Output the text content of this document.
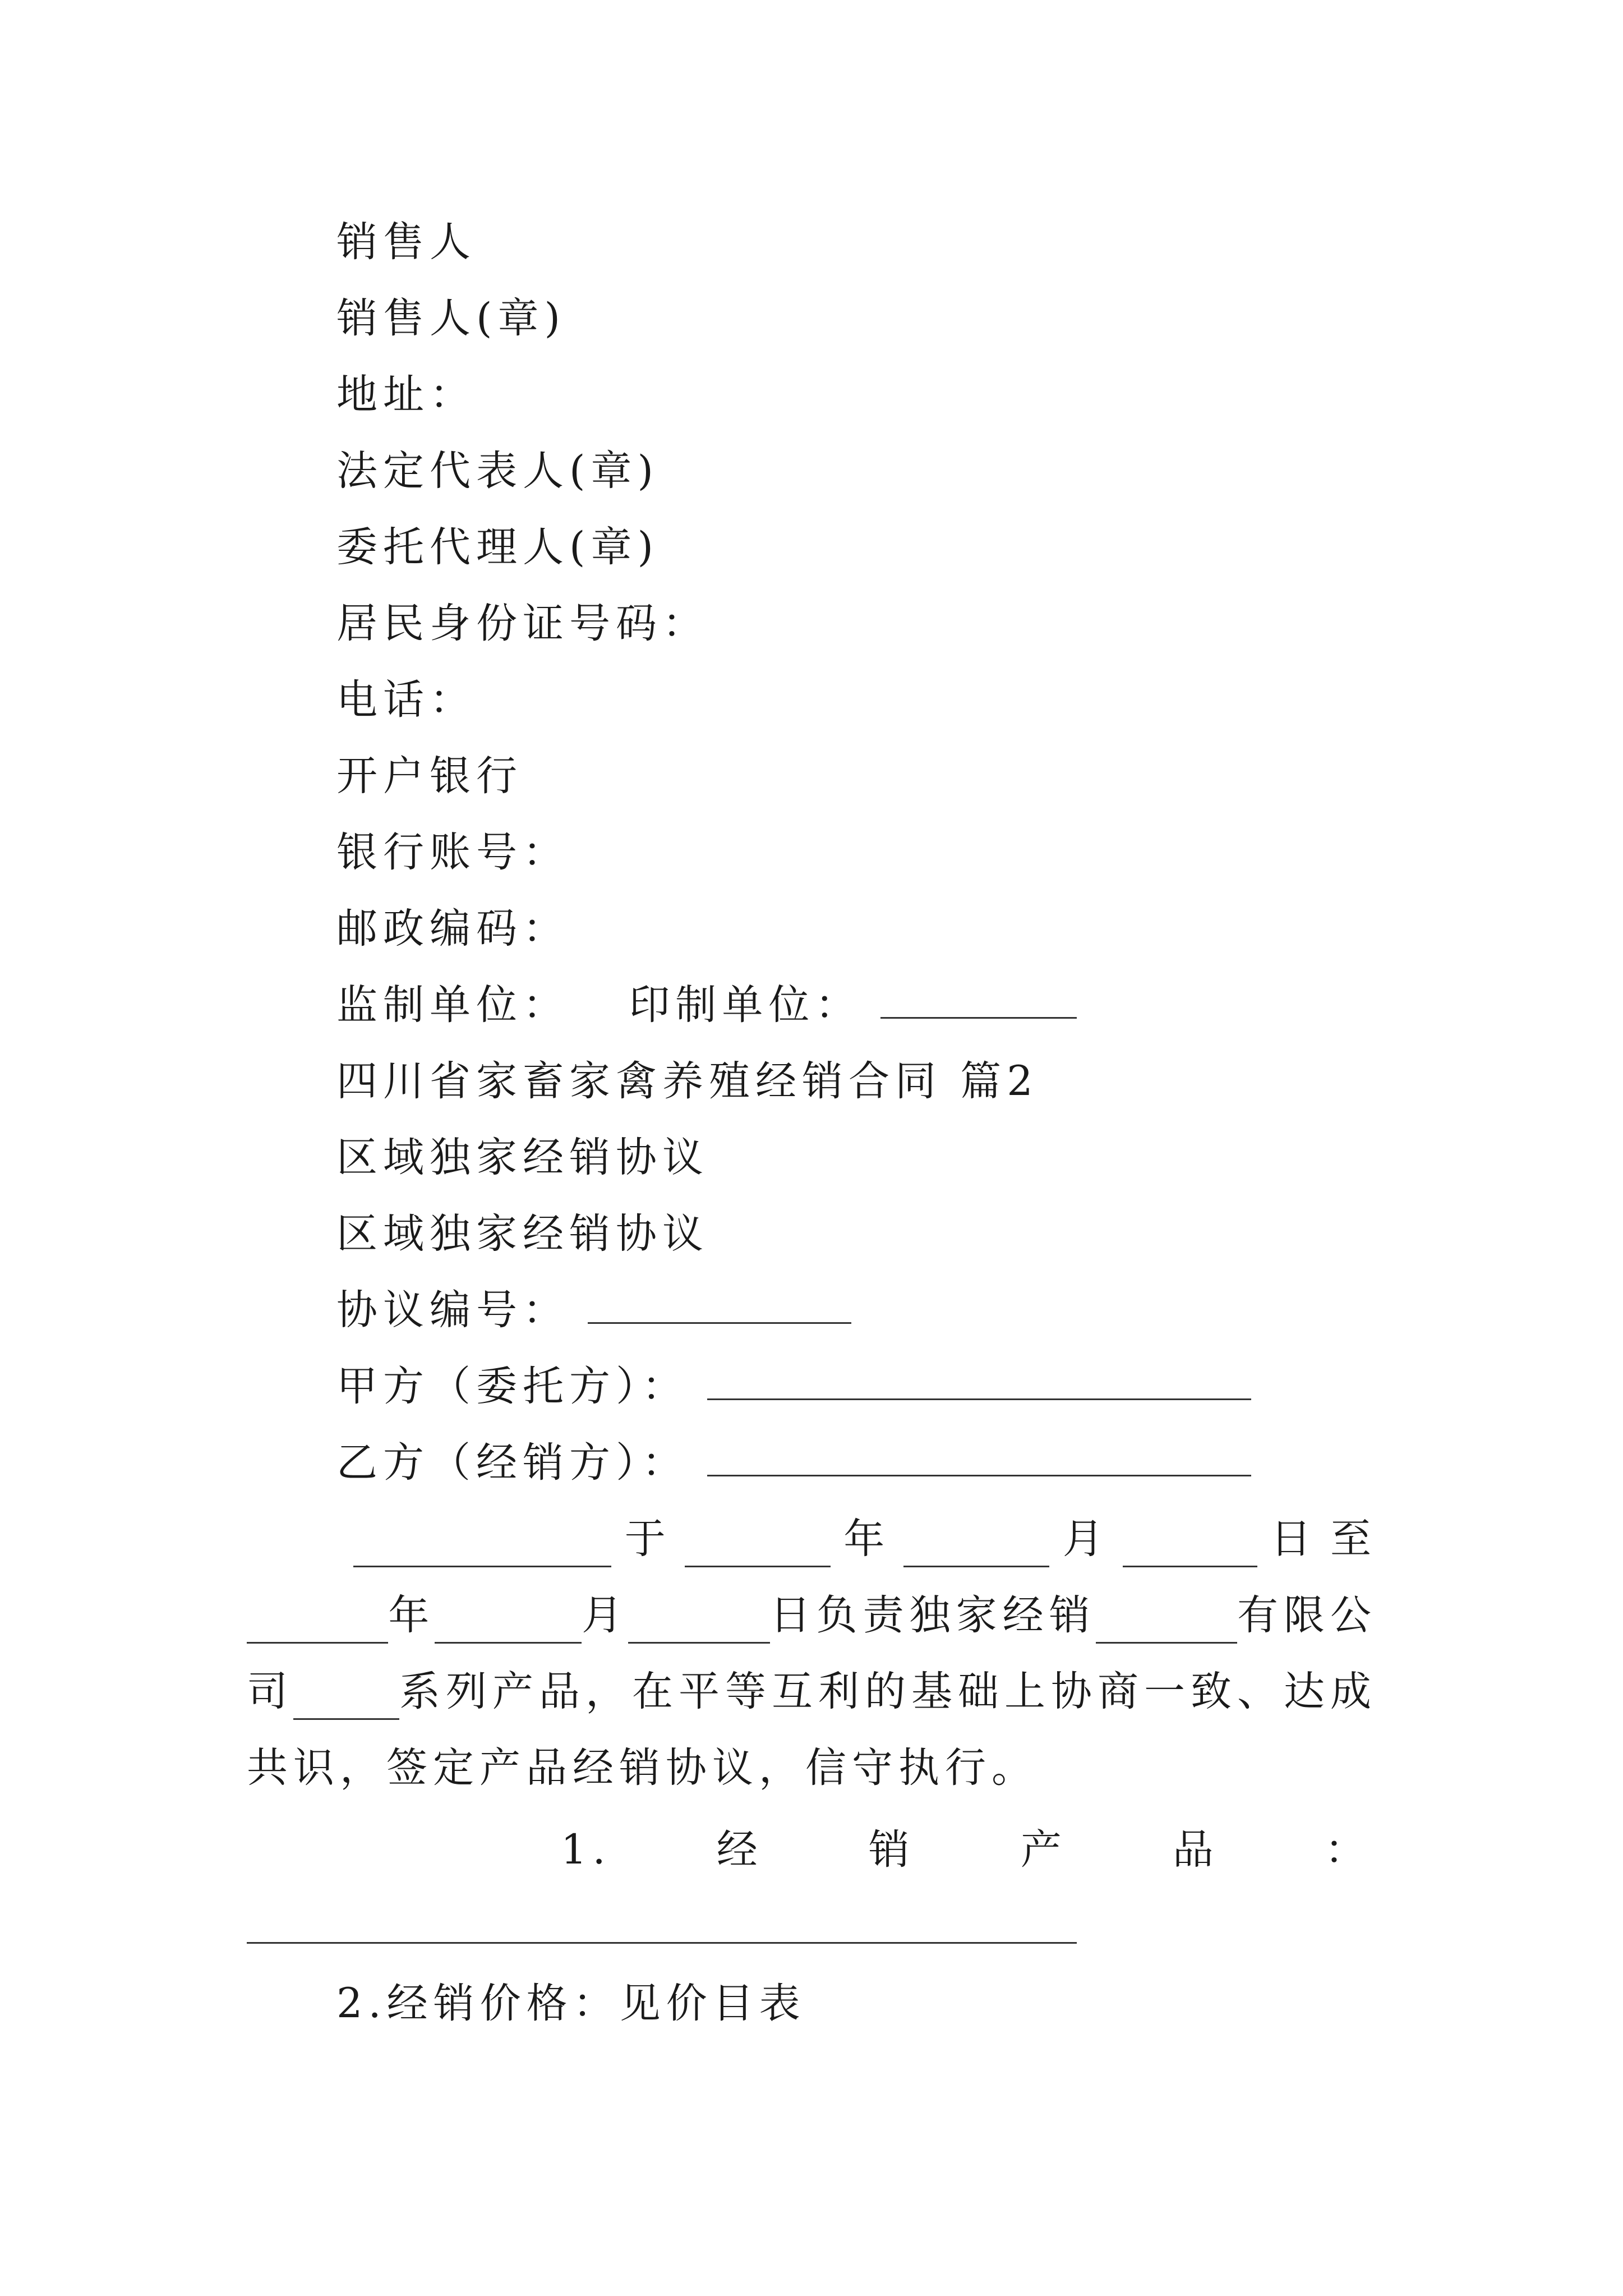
销售人
销售人(章)
地址：
法定代表人(章)
委托代理人(章)
居民身份证号码：
电话：
开户银行
银行账号：
邮政编码：
监制单位： 印制单位：
四川省家畜家禽养殖经销合同 篇2
区域独家经销协议
区域独家经销协议
协议编号：
甲方（委托方）：
乙方（经销方）：
于	年	月	日 至
年	月	日负责独家经销	有限公
司	系列产品，在平等互利的基础上协商一致、达成
共识，签定产品经销协议，信守执行。
1.	经	销	产	品	：
2.经销价格：见价目表
